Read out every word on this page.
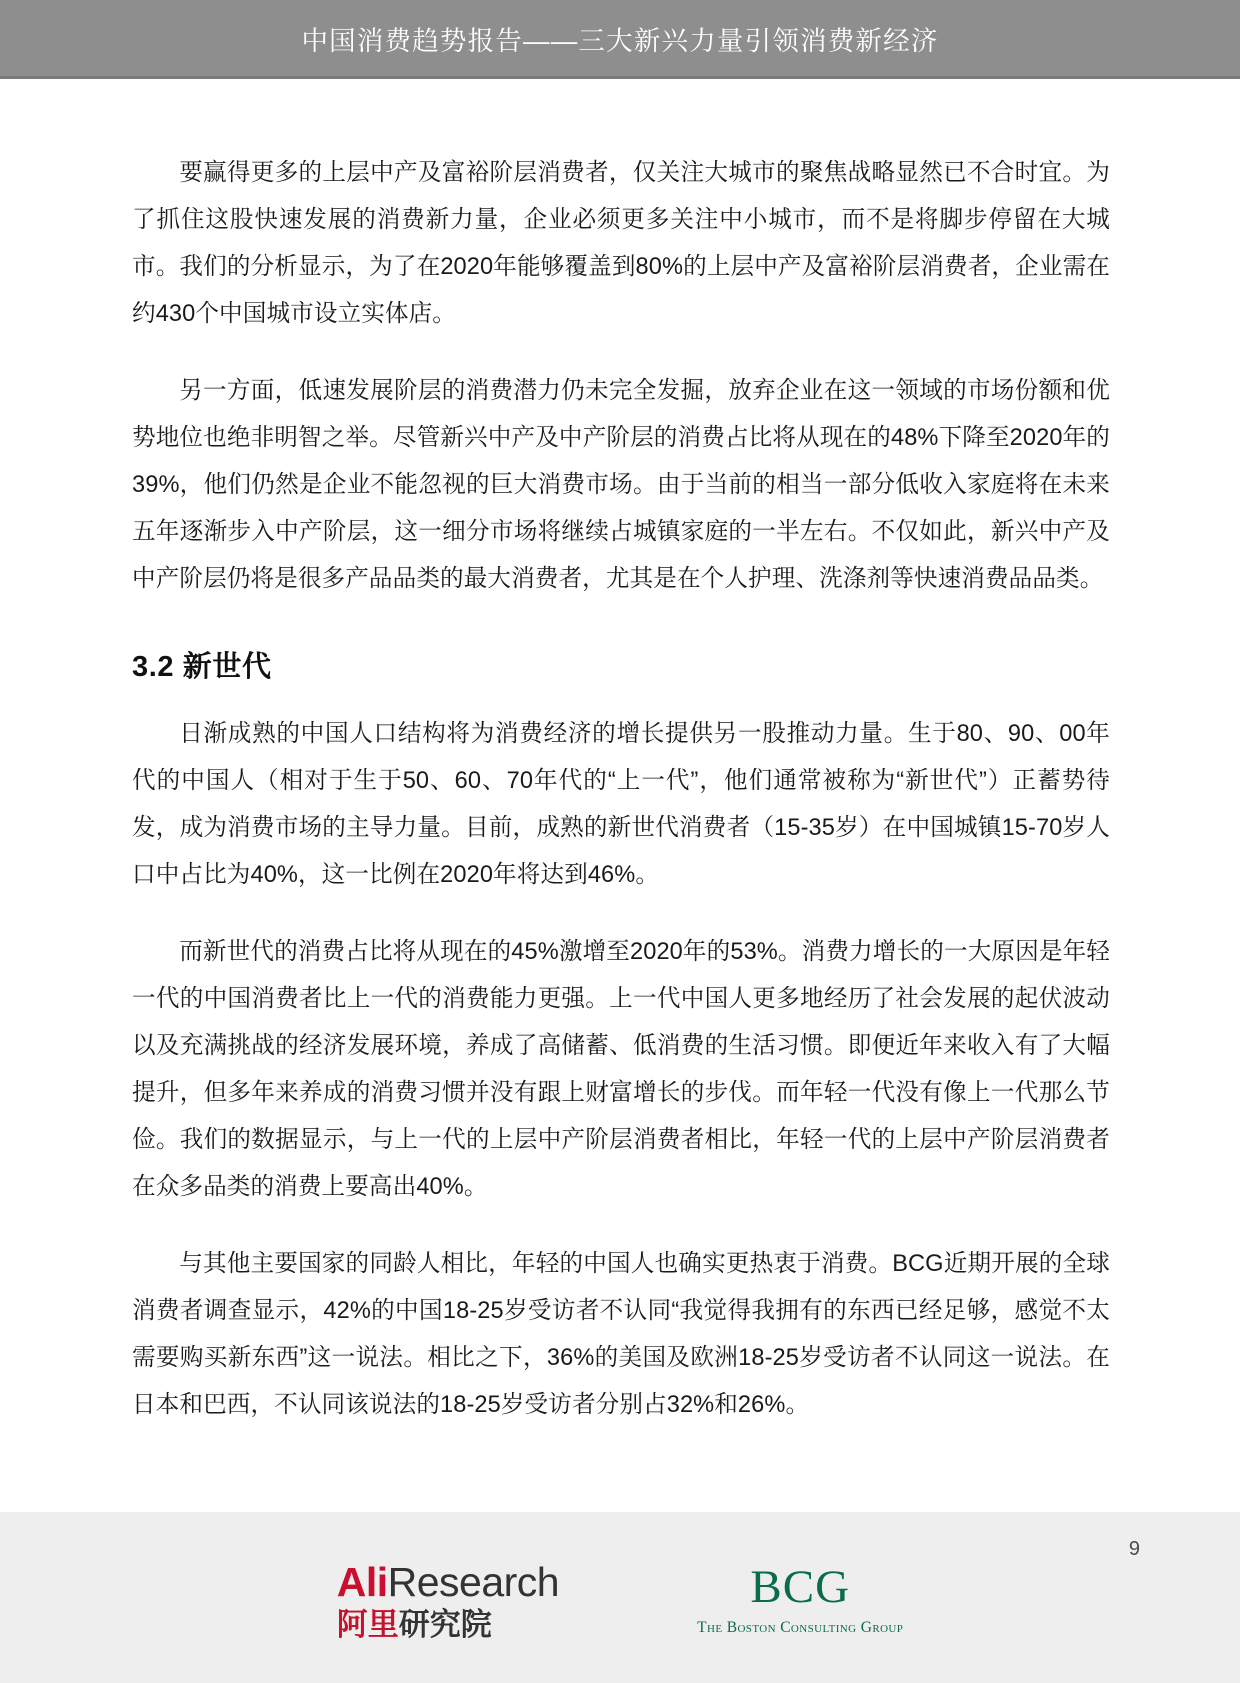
中国消费趋势报告——三大新兴力量引领消费新经济

要赢得更多的上层中产及富裕阶层消费者，仅关注大城市的聚焦战略显然已不合时宜。为了抓住这股快速发展的消费新力量，企业必须更多关注中小城市，而不是将脚步停留在大城市。我们的分析显示，为了在2020年能够覆盖到80%的上层中产及富裕阶层消费者，企业需在约430个中国城市设立实体店。

另一方面，低速发展阶层的消费潜力仍未完全发掘，放弃企业在这一领域的市场份额和优势地位也绝非明智之举。尽管新兴中产及中产阶层的消费占比将从现在的48%下降至2020年的39%，他们仍然是企业不能忽视的巨大消费市场。由于当前的相当一部分低收入家庭将在未来五年逐渐步入中产阶层，这一细分市场将继续占城镇家庭的一半左右。不仅如此，新兴中产及中产阶层仍将是很多产品品类的最大消费者，尤其是在个人护理、洗涤剂等快速消费品品类。

3.2 新世代

日渐成熟的中国人口结构将为消费经济的增长提供另一股推动力量。生于80、90、00年代的中国人（相对于生于50、60、70年代的“上一代”，他们通常被称为“新世代”）正蓄势待发，成为消费市场的主导力量。目前，成熟的新世代消费者（15-35岁）在中国城镇15-70岁人口中占比为40%，这一比例在2020年将达到46%。

而新世代的消费占比将从现在的45%激增至2020年的53%。消费力增长的一大原因是年轻一代的中国消费者比上一代的消费能力更强。上一代中国人更多地经历了社会发展的起伏波动以及充满挑战的经济发展环境，养成了高储蓄、低消费的生活习惯。即便近年来收入有了大幅提升，但多年来养成的消费习惯并没有跟上财富增长的步伐。而年轻一代没有像上一代那么节俭。我们的数据显示，与上一代的上层中产阶层消费者相比，年轻一代的上层中产阶层消费者在众多品类的消费上要高出40%。

与其他主要国家的同龄人相比，年轻的中国人也确实更热衷于消费。BCG近期开展的全球消费者调查显示，42%的中国18-25岁受访者不认同“我觉得我拥有的东西已经足够，感觉不太需要购买新东西”这一说法。相比之下，36%的美国及欧洲18-25岁受访者不认同这一说法。在日本和巴西，不认同该说法的18-25岁受访者分别占32%和26%。

9
AliResearch
阿里研究院
BCG
The Boston Consulting Group
